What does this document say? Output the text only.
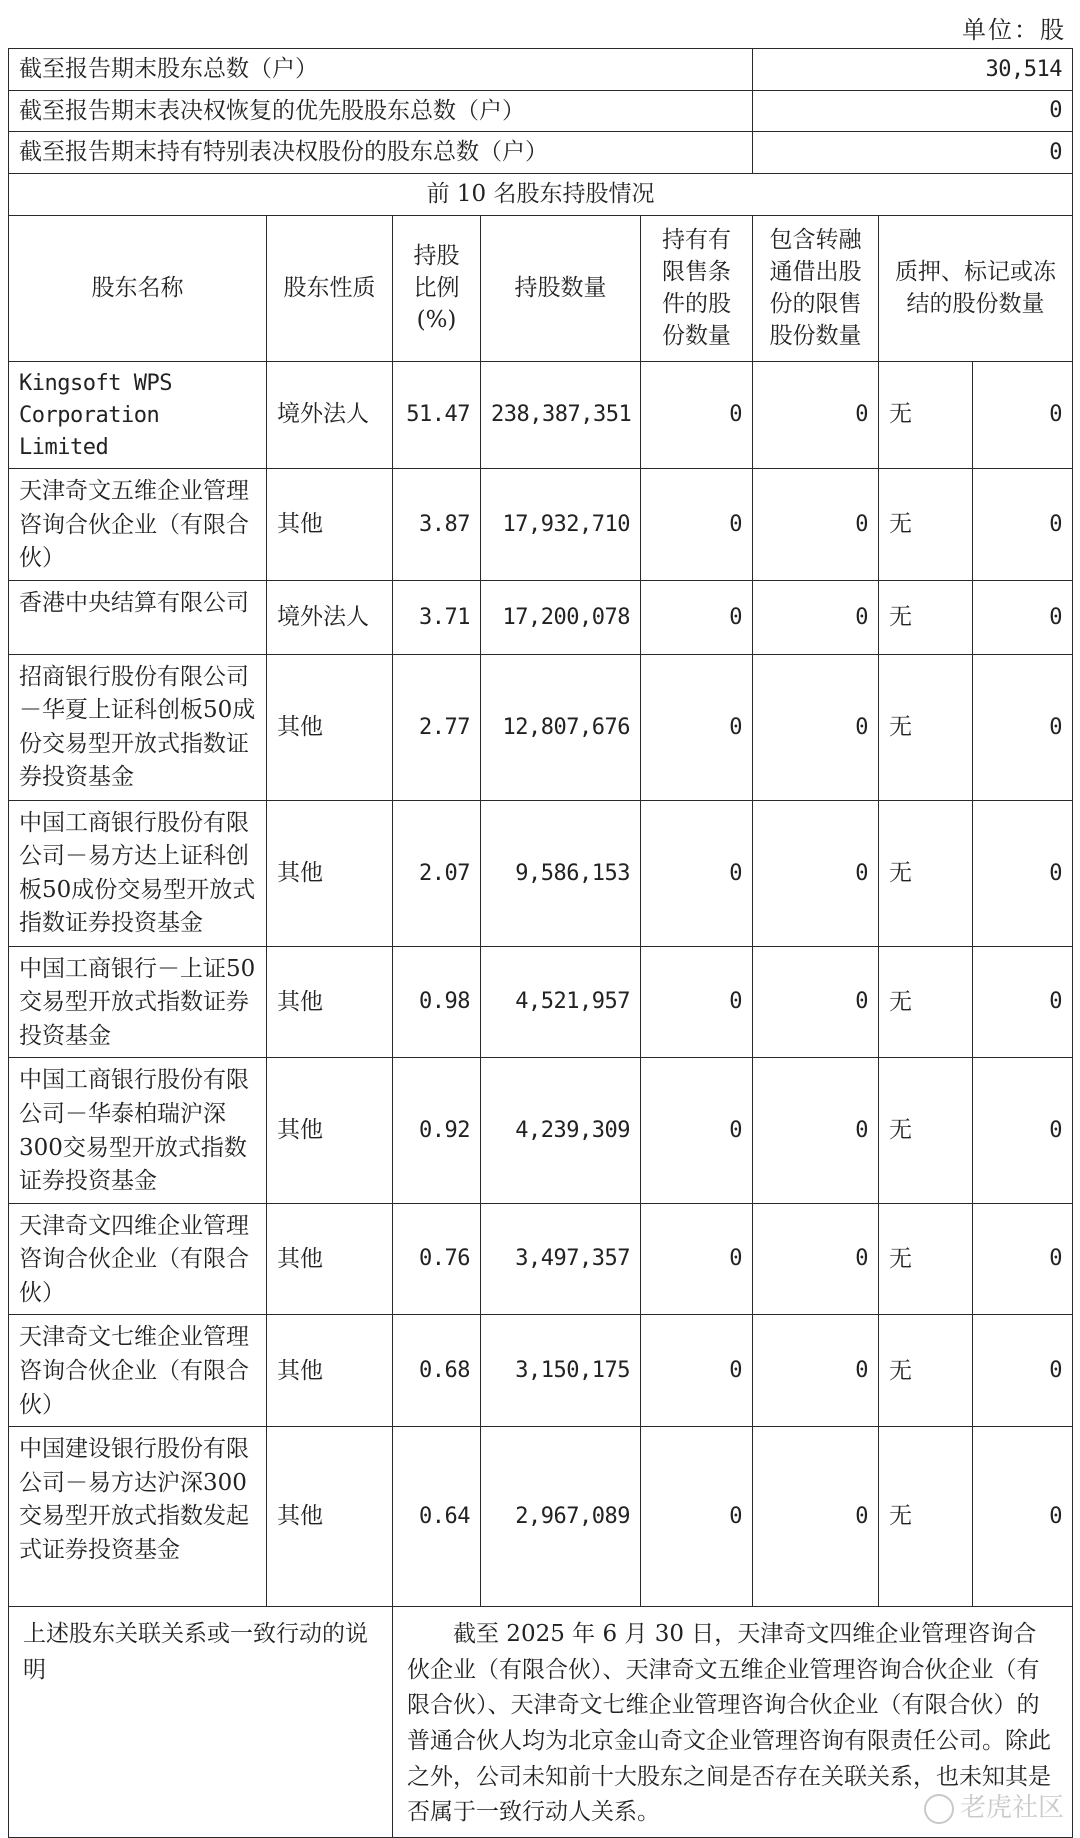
单位：股
截至报告期末股东总数（户）					30,514		
截至报告期末表决权恢复的优先股股东总数（户）					0		
截至报告期末持有特别表决权股份的股东总数（户）					0		
前 10 名股东持股情况							
股东名称	股东性质	持股比例(%)	持股数量	持有有限售条件的股份数量	包含转融通借出股份的限售股份数量	质押、标记或冻结的股份数量	
Kingsoft WPS Corporation Limited	境外法人	51.47	238,387,351	0	0	无	0
天津奇文五维企业管理咨询合伙企业（有限合伙）	其他	3.87	17,932,710	0	0	无	0
香港中央结算有限公司	境外法人	3.71	17,200,078	0	0	无	0
招商银行股份有限公司－华夏上证科创板50成份交易型开放式指数证券投资基金	其他	2.77	12,807,676	0	0	无	0
中国工商银行股份有限公司－易方达上证科创板50成份交易型开放式指数证券投资基金	其他	2.07	9,586,153	0	0	无	0
中国工商银行－上证50交易型开放式指数证券投资基金	其他	0.98	4,521,957	0	0	无	0
中国工商银行股份有限公司－华泰柏瑞沪深300交易型开放式指数证券投资基金	其他	0.92	4,239,309	0	0	无	0
天津奇文四维企业管理咨询合伙企业（有限合伙）	其他	0.76	3,497,357	0	0	无	0
天津奇文七维企业管理咨询合伙企业（有限合伙）	其他	0.68	3,150,175	0	0	无	0
中国建设银行股份有限公司－易方达沪深300交易型开放式指数发起式证券投资基金	其他	0.64	2,967,089	0	0	无	0
上述股东关联关系或一致行动的说明		截至 2025 年 6 月 30 日，天津奇文四维企业管理咨询合伙企业（有限合伙）、天津奇文五维企业管理咨询合伙企业（有限合伙）、天津奇文七维企业管理咨询合伙企业（有限合伙）的普通合伙人均为北京金山奇文企业管理咨询有限责任公司。除此之外，公司未知前十大股东之间是否存在关联关系，也未知其是否属于一致行动人关系。						老虎社区
